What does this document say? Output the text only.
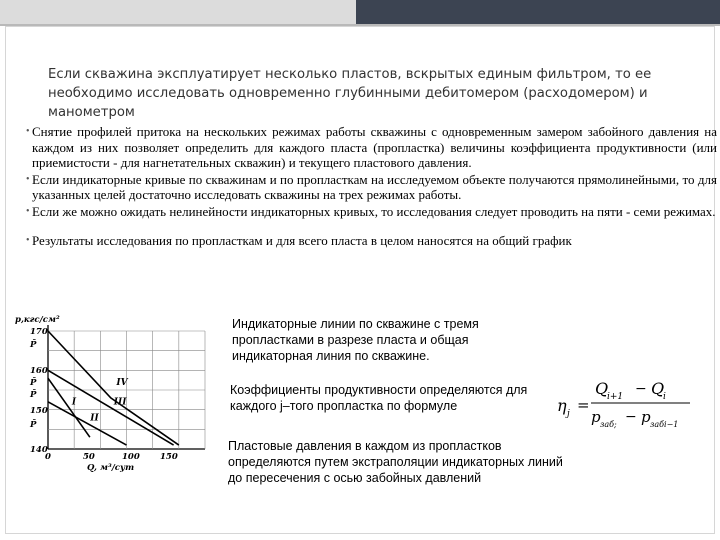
Если скважина эксплуатирует несколько пластов, вскрытых единым фильтром, то ее необходимо исследовать одновременно глубинными дебитомером (расходомером) и манометром

• Снятие профилей притока на нескольких режимах работы скважины с одновременным замером забойного давления на каждом из них позволяет определить для каждого пласта (пропластка) величины коэффициента продуктивности (или приемистости - для нагнетательных скважин) и текущего пластового давления.
• Если индикаторные кривые по скважинам и по пропласткам на исследуемом объекте получаются прямолинейными, то для указанных целей достаточно исследовать скважины на трех режимах работы.
• Если же можно ожидать нелинейности индикаторных кривых, то исследования следует проводить на пяти - семи режимах.
• Результаты исследования по пропласткам и для всего пласта в целом наносятся на общий график
p,кгс/см²
170
P̄
160
P̄
P̄
150
P̄
140
0	50	100 150
Q, м³/сут
I
II
III
IV

Индикаторные линии по скважине с тремя пропластками в разрезе пласта и общая индикаторная линия по скважине.

Коэффициенты продуктивности определяются для каждого j–того пропластка по формуле

Пластовые давления в каждом из пропластков определяются путем экстраполяции индикаторных линий до пересечения с осью забойных давлений

η j =
Q
i+1 − Q
i
p заб; − p забi−1
